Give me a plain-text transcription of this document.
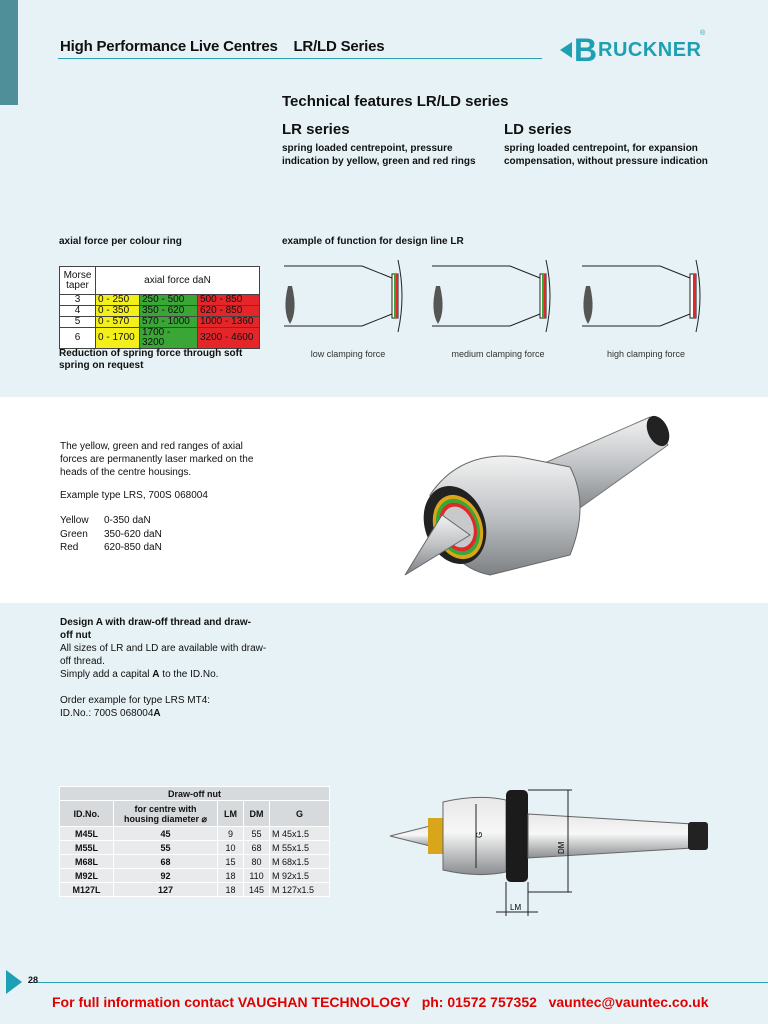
High Performance Live Centres    LR/LD Series	B RUCKNER
®
Technical features LR/LD series
LR series
spring loaded centrepoint, pressure indication by yellow, green and red rings
LD series
spring loaded centrepoint, for expansion compensation, without pressure indication
axial force per colour ring	example of function for design line LR
Morse taper	axial force daN		
3	0 - 250	250 - 500	500 - 850
4	0 - 350	350 - 620	620 - 850
5	0 - 570	570 - 1000	1000 - 1360
6	0 - 1700	1700 - 3200	3200 - 4600
Reduction of spring force through soft spring on request
low clamping force	medium clamping force	high clamping force
The yellow, green and red ranges of axial forces are permanently laser marked on the heads of the centre housings.
Example type LRS, 700S 068004
Yellow 0-350 daN
Green 350-620 daN
Red	620-850 daN
Design A with draw-off thread and draw-off nut
All sizes of LR and LD are available with draw-off thread.
Simply add a capital A to the ID.No.
Order example for type LRS MT4:
ID.No.: 700S 068004A
Draw-off nut				
ID.No.	for centre with housing diameter ⌀	LM	DM	G
M45L	45	9	55	M 45x1.5
M55L	55	10	68	M 55x1.5
M68L	68	15	80	M 68x1.5
M92L	92	18	110	M 92x1.5
M127L	127	18	145	M 127x1.5
G
DM
LM
28
For full information contact VAUGHAN TECHNOLOGY   ph: 01572 757352   vauntec@vauntec.co.uk
